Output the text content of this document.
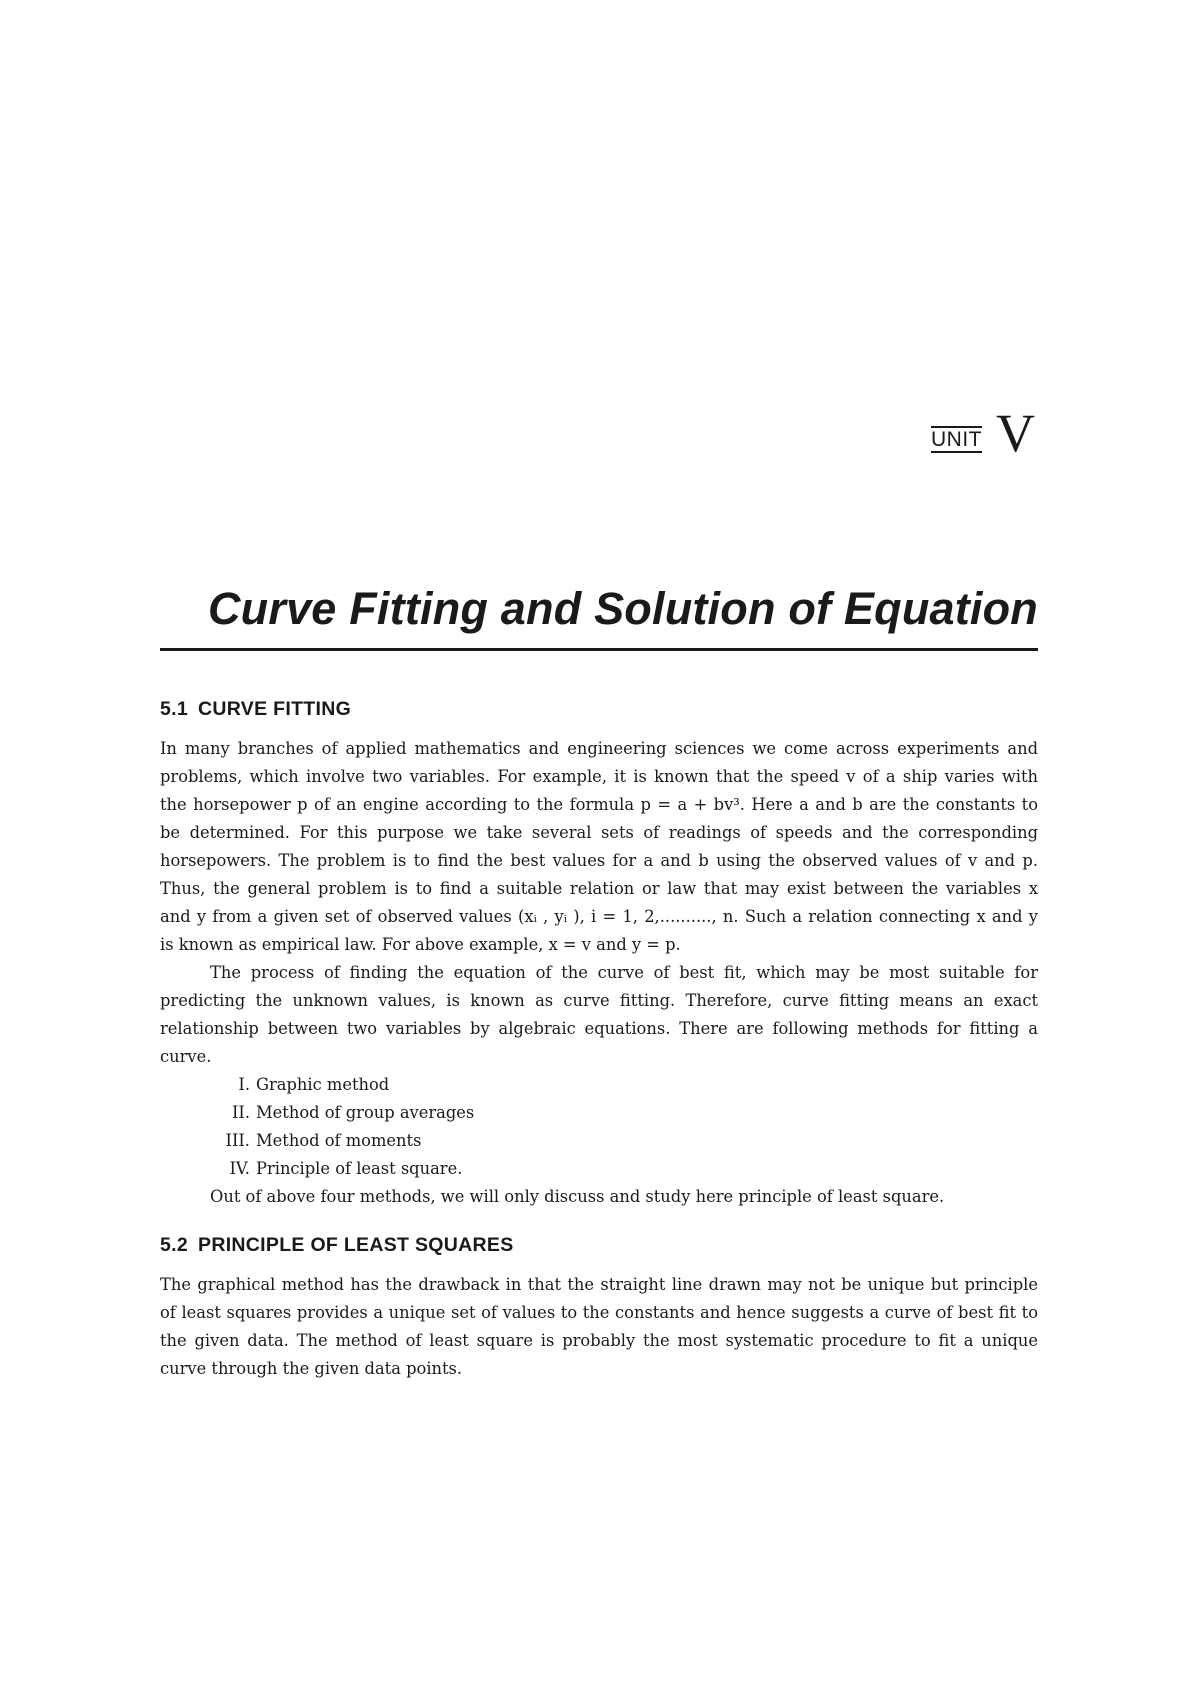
UNIT V
Curve Fitting and Solution of Equation
5.1 CURVE FITTING
In many branches of applied mathematics and engineering sciences we come across experiments and
problems, which involve two variables. For example, it is known that the speed v of a ship varies with
the horsepower p of an engine according to the formula p = a + bv³. Here a and b are the constants to
be determined. For this purpose we take several sets of readings of speeds and the corresponding
horsepowers. The problem is to find the best values for a and b using the observed values of v and p.
Thus, the general problem is to find a suitable relation or law that may exist between the variables x
and y from a given set of observed values (xᵢ , yᵢ ), i = 1, 2,.........., n. Such a relation connecting x and y
is known as empirical law. For above example, x = v and y = p.
The process of finding the equation of the curve of best fit, which may be most suitable for
predicting the unknown values, is known as curve fitting. Therefore, curve fitting means an exact
relationship between two variables by algebraic equations. There are following methods for fitting a
curve.
I. Graphic method
II. Method of group averages
III. Method of moments
IV. Principle of least square.
Out of above four methods, we will only discuss and study here principle of least square.
5.2 PRINCIPLE OF LEAST SQUARES
The graphical method has the drawback in that the straight line drawn may not be unique but principle
of least squares provides a unique set of values to the constants and hence suggests a curve of best fit to
the given data. The method of least square is probably the most systematic procedure to fit a unique
curve through the given data points.
